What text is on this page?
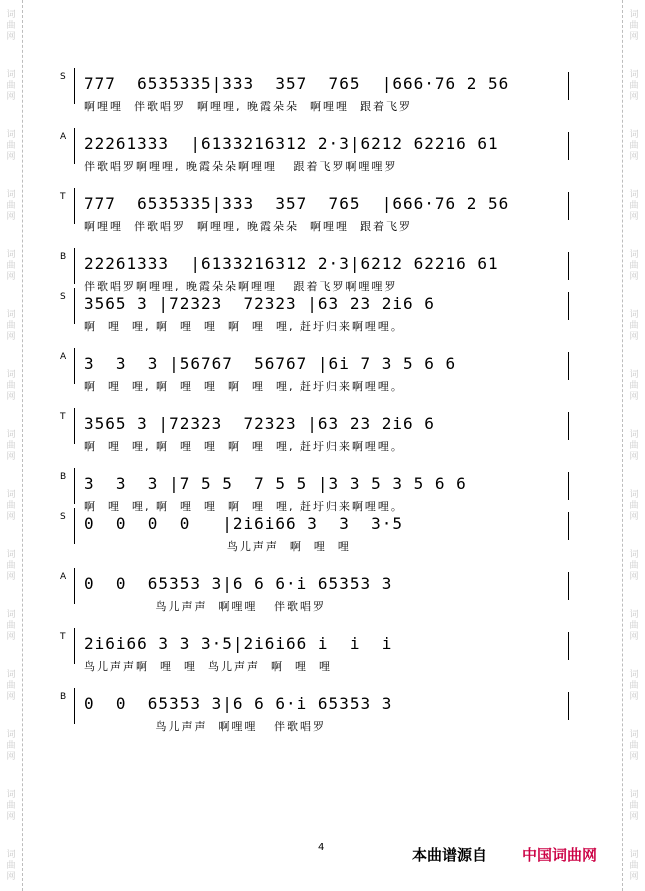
词曲网
词曲网
词曲网
词曲网
词曲网
词曲网
词曲网
词曲网
词曲网
词曲网
词曲网
词曲网
词曲网
词曲网
词曲网
词曲网
词曲网
词曲网
词曲网
词曲网
词曲网
词曲网
词曲网
词曲网
词曲网
词曲网
词曲网
词曲网
词曲网
词曲网
S 777  6535335|333  357  765  |666·76 2 56
啊哩哩  伴歌唱罗  啊哩哩, 晚霞朵朵  啊哩哩  跟着飞罗
A 22261333  |6133216312 2·3|6212 62216 61
伴歌唱罗啊哩哩, 晚霞朵朵啊哩哩   跟着飞罗啊哩哩罗
T 777  6535335|333  357  765  |666·76 2 56
啊哩哩  伴歌唱罗  啊哩哩, 晚霞朵朵  啊哩哩  跟着飞罗
B 22261333  |6133216312 2·3|6212 62216 61
伴歌唱罗啊哩哩, 晚霞朵朵啊哩哩   跟着飞罗啊哩哩罗
S 3565 3 |72323  72323 |63 23 2i6 6
啊  哩  哩, 啊  哩  哩  啊  哩  哩, 赶圩归来啊哩哩。
A 3  3  3 |56767  56767 |6i 7 3 5 6 6
啊  哩  哩, 啊  哩  哩  啊  哩  哩, 赶圩归来啊哩哩。
T 3565 3 |72323  72323 |63 23 2i6 6
啊  哩  哩, 啊  哩  哩  啊  哩  哩, 赶圩归来啊哩哩。
B 3  3  3 |7 5 5  7 5 5 |3 3 5 3 5 6 6
啊  哩  哩, 啊  哩  哩  啊  哩  哩, 赶圩归来啊哩哩。
S 0  0  0  0   |2i6i66 3  3  3·5
鸟儿声声  啊  哩  哩
A 0  0  65353 3|6 6 6·i 65353 3
鸟儿声声  啊哩哩   伴歌唱罗
T 2i6i66 3 3 3·5|2i6i66 i  i  i
鸟儿声声啊  哩  哩  鸟儿声声  啊  哩  哩
B 0  0  65353 3|6 6 6·i 65353 3
鸟儿声声  啊哩哩   伴歌唱罗
4	本曲谱源自 中国词曲网
